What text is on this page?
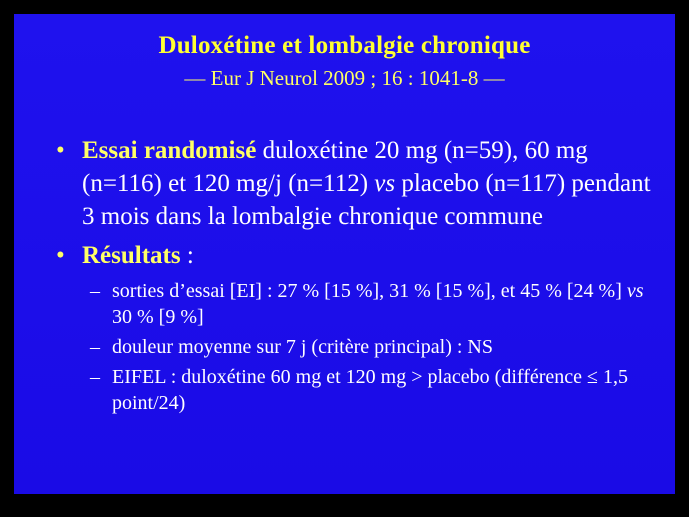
Duloxétine et lombalgie chronique
— Eur J Neurol 2009 ; 16 : 1041-8 —
• Essai randomisé duloxétine 20 mg (n=59), 60 mg (n=116) et 120 mg/j (n=112) vs placebo (n=117) pendant 3 mois dans la lombalgie chronique commune
• Résultats :
– sorties d’essai [EI] : 27 % [15 %], 31 % [15 %], et 45 % [24 %] vs 30 % [9 %]
– douleur moyenne sur 7 j (critère principal) : NS
– EIFEL : duloxétine 60 mg et 120 mg > placebo (différence ≤ 1,5 point/24)
